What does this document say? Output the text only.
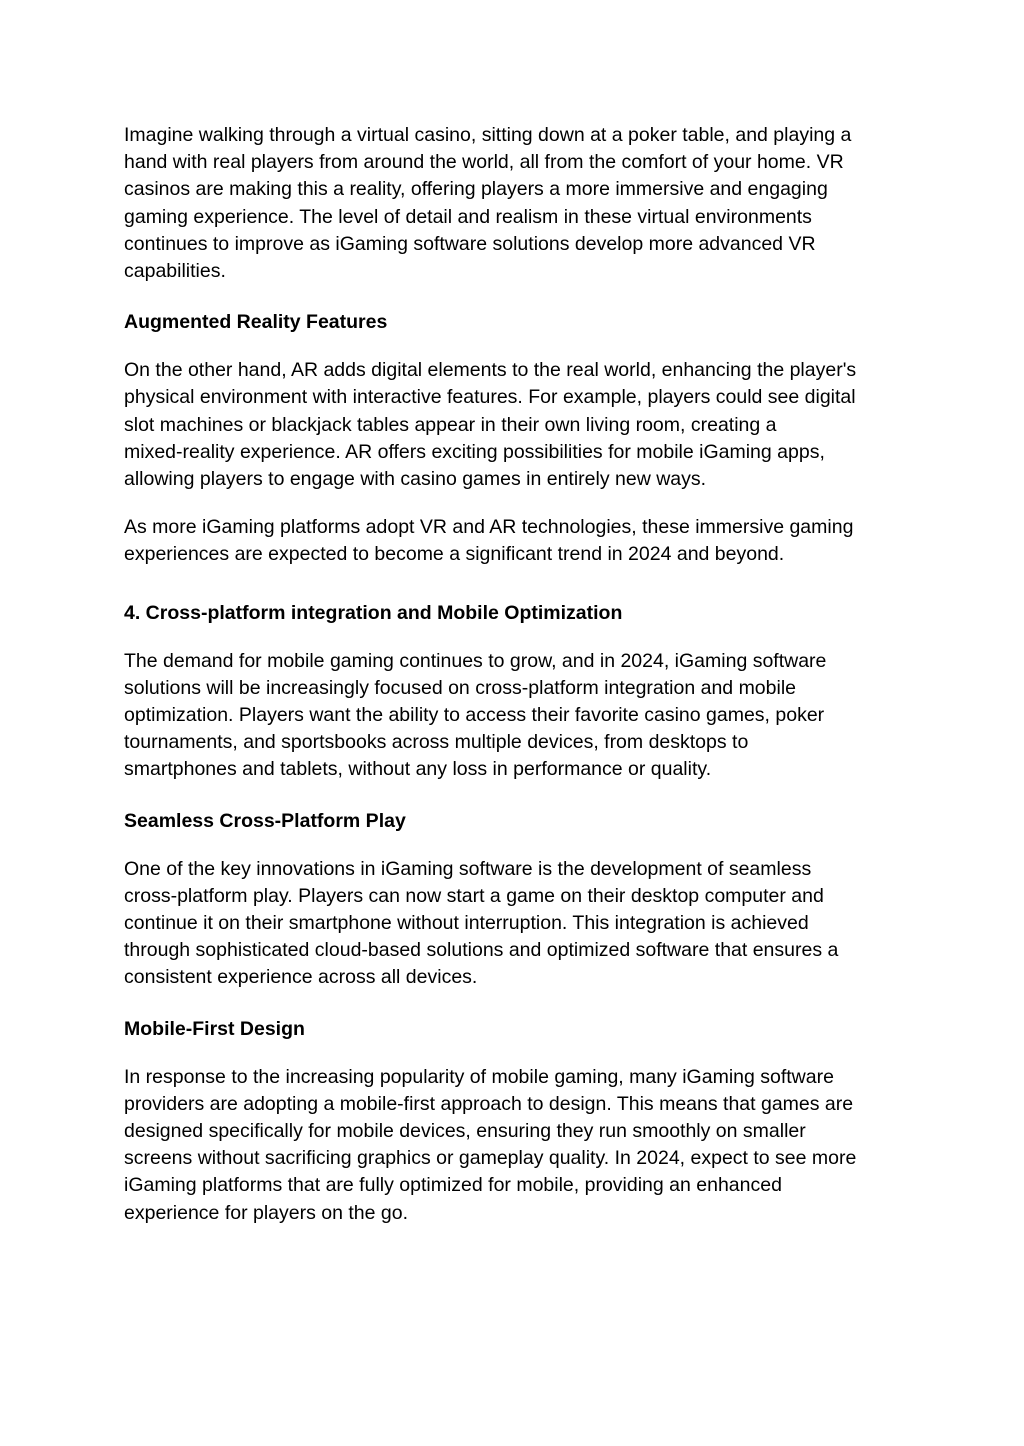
Imagine walking through a virtual casino, sitting down at a poker table, and playing a
hand with real players from around the world, all from the comfort of your home. VR
casinos are making this a reality, offering players a more immersive and engaging
gaming experience. The level of detail and realism in these virtual environments
continues to improve as iGaming software solutions develop more advanced VR
capabilities.

Augmented Reality Features

On the other hand, AR adds digital elements to the real world, enhancing the player's
physical environment with interactive features. For example, players could see digital
slot machines or blackjack tables appear in their own living room, creating a
mixed-reality experience. AR offers exciting possibilities for mobile iGaming apps,
allowing players to engage with casino games in entirely new ways.

As more iGaming platforms adopt VR and AR technologies, these immersive gaming
experiences are expected to become a significant trend in 2024 and beyond.

4. Cross-platform integration and Mobile Optimization

The demand for mobile gaming continues to grow, and in 2024, iGaming software
solutions will be increasingly focused on cross-platform integration and mobile
optimization. Players want the ability to access their favorite casino games, poker
tournaments, and sportsbooks across multiple devices, from desktops to
smartphones and tablets, without any loss in performance or quality.

Seamless Cross-Platform Play

One of the key innovations in iGaming software is the development of seamless
cross-platform play. Players can now start a game on their desktop computer and
continue it on their smartphone without interruption. This integration is achieved
through sophisticated cloud-based solutions and optimized software that ensures a
consistent experience across all devices.

Mobile-First Design

In response to the increasing popularity of mobile gaming, many iGaming software
providers are adopting a mobile-first approach to design. This means that games are
designed specifically for mobile devices, ensuring they run smoothly on smaller
screens without sacrificing graphics or gameplay quality. In 2024, expect to see more
iGaming platforms that are fully optimized for mobile, providing an enhanced
experience for players on the go.
